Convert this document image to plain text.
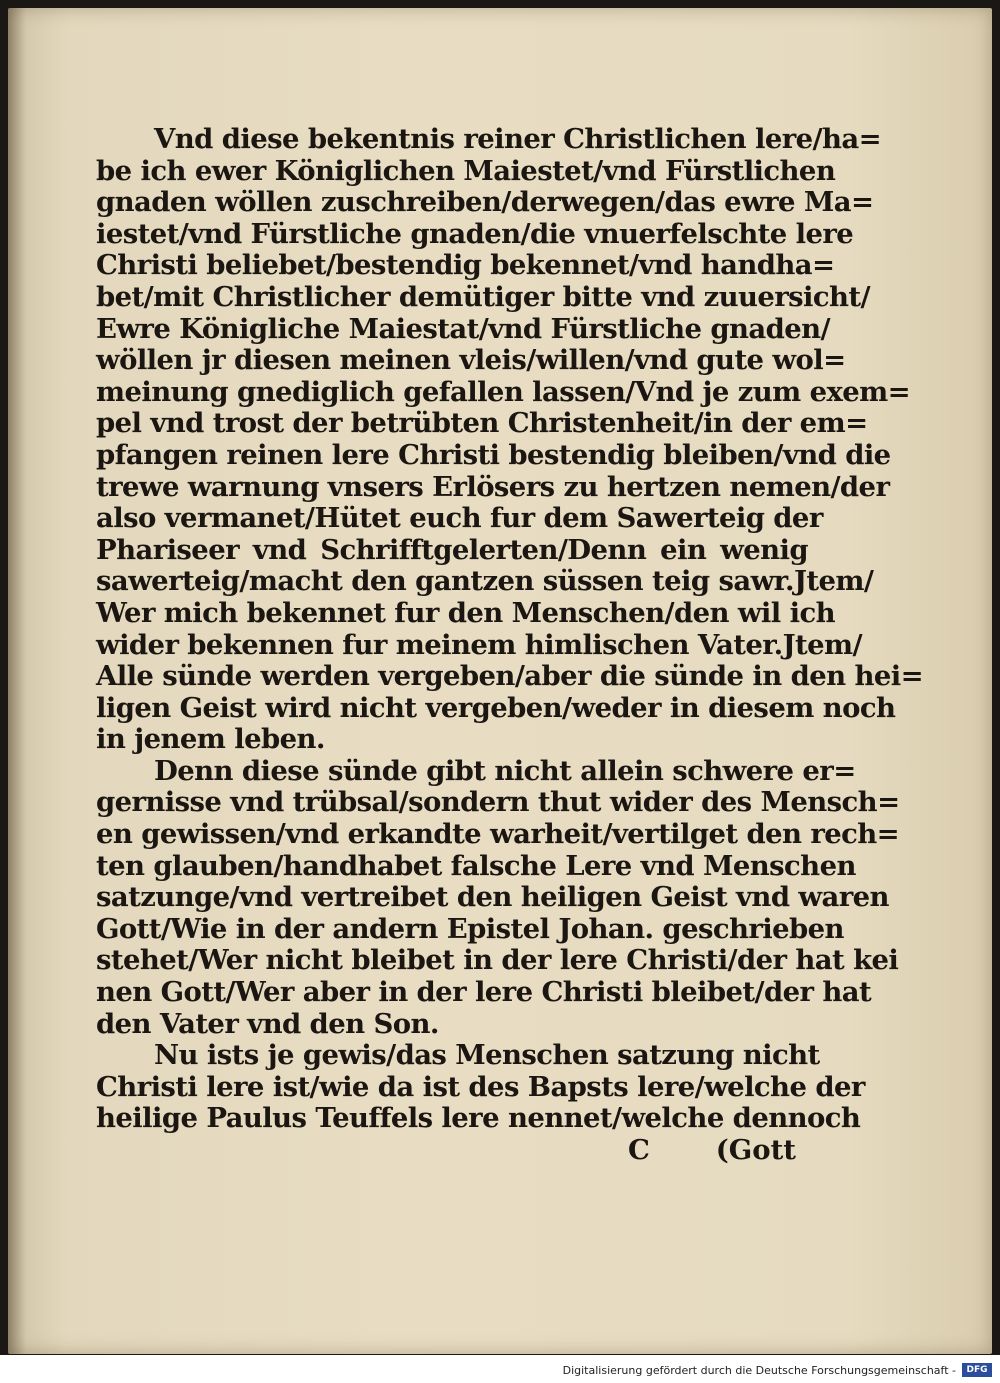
Vnd diese bekentnis reiner Christlichen lere/ha=
be ich ewer Königlichen Maiestet/vnd Fürstlichen
gnaden wöllen zuschreiben/derwegen/das ewre Ma=
iestet/vnd Fürstliche gnaden/die vnuerfelschte lere
Christi beliebet/bestendig bekennet/vnd handha=
bet/mit Christlicher demütiger bitte vnd zuuersicht/
Ewre Königliche Maiestat/vnd Fürstliche gnaden/
wöllen jr diesen meinen vleis/willen/vnd gute wol=
meinung gnediglich gefallen lassen/Vnd je zum exem=
pel vnd trost der betrübten Christenheit/in der em=
pfangen reinen lere Christi bestendig bleiben/vnd die
trewe warnung vnsers Erlösers zu hertzen nemen/der
also vermanet/Hütet euch fur dem Sawerteig der
Phariseer vnd Schrifftgelerten/Denn ein wenig
sawerteig/macht den gantzen süssen teig sawr.Jtem/
Wer mich bekennet fur den Menschen/den wil ich
wider bekennen fur meinem himlischen Vater.Jtem/
Alle sünde werden vergeben/aber die sünde in den hei=
ligen Geist wird nicht vergeben/weder in diesem noch
in jenem leben.
Denn diese sünde gibt nicht allein schwere er=
gernisse vnd trübsal/sondern thut wider des Mensch=
en gewissen/vnd erkandte warheit/vertilget den rech=
ten glauben/handhabet falsche Lere vnd Menschen
satzunge/vnd vertreibet den heiligen Geist vnd waren
Gott/Wie in der andern Epistel Johan. geschrieben
stehet/Wer nicht bleibet in der lere Christi/der hat kei
nen Gott/Wer aber in der lere Christi bleibet/der hat
den Vater vnd den Son.
Nu ists je gewis/das Menschen satzung nicht
Christi lere ist/wie da ist des Bapsts lere/welche der
heilige Paulus Teuffels lere nennet/welche dennoch
C (Gott
Digitalisierung gefördert durch die Deutsche Forschungsgemeinschaft -	DFG
